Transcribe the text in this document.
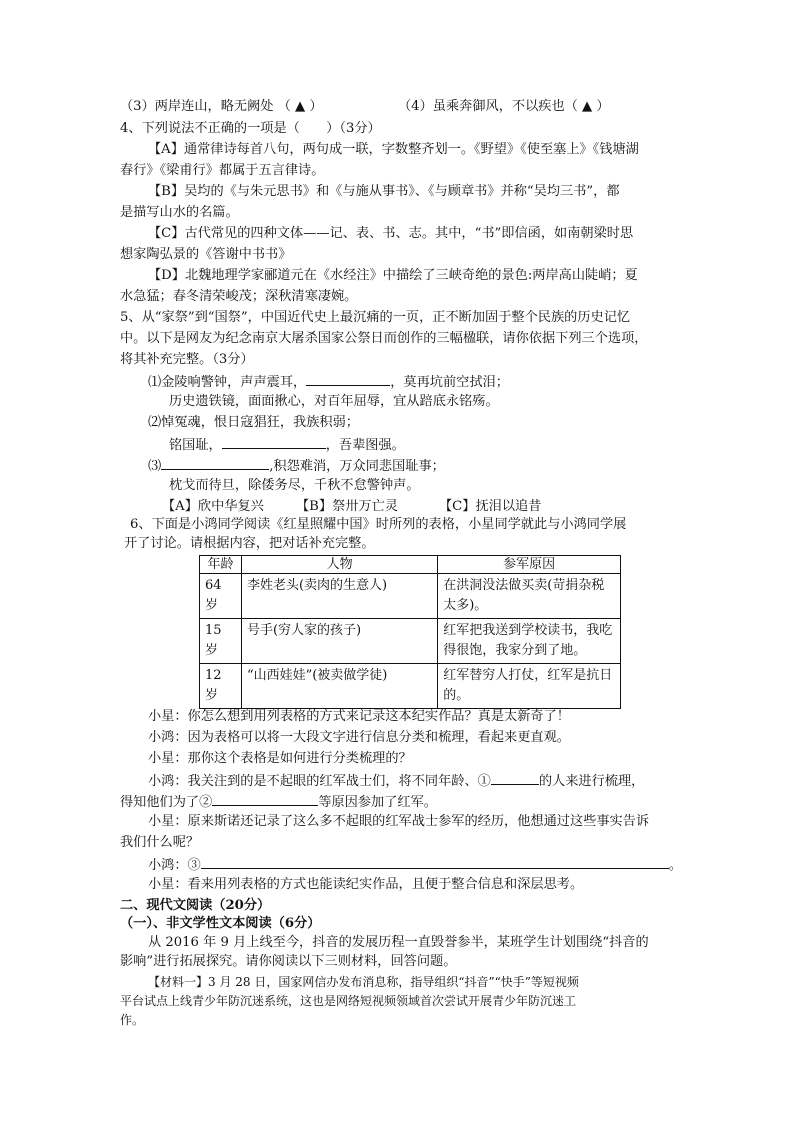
（3）两岸连山，略无阙处 （ ▲ ）	（4）虽乘奔御风，不以疾也（ ▲ ）
4、下列说法不正确的一项是（　　）（3分）
【A】通常律诗每首八句，两句成一联，字数整齐划一。《野望》《使至塞上》《钱塘湖
春行》《梁甫行》都属于五言律诗。
【B】吴均的《与朱元思书》和《与施从事书》、《与顾章书》并称“吴均三书”，都
是描写山水的名篇。
【C】古代常见的四种文体——记、表、书、志。其中，“书”即信函，如南朝梁时思
想家陶弘景的《答谢中书书》
【D】北魏地理学家郦道元在《水经注》中描绘了三峡奇绝的景色:两岸高山陡峭；夏
水急猛；春冬清荣峻茂；深秋清寒凄婉。
5、从“家祭”到“国祭”，中国近代史上最沉痛的一页，正不断加固于整个民族的历史记忆
中。以下是网友为纪念南京大屠杀国家公祭日而创作的三幅楹联，请你依据下列三个选项，
将其补充完整。（3分）
⑴金陵响警钟，声声震耳，	，莫再坑前空拭泪；
历史遗铁镜，面面揪心，对百年屈辱，宜从踣底永铭殇。
⑵悼冤魂，恨日寇猖狂，我族积弱；
铭国耻，	，吾辈图强。
⑶	,积怨难消，万众同悲国耻事；
枕戈而待旦，除倭务尽，千秋不怠警钟声。
【A】欣中华复兴 【B】祭卅万亡灵	【C】抚泪以追昔
6、下面是小鸿同学阅读《红星照耀中国》时所列的表格，小星同学就此与小鸿同学展
开了讨论。请根据内容，把对话补充完整。
年龄	人物	参军原因
64 岁	李姓老头(卖肉的生意人)	在洪洞没法做买卖(苛捐杂税太多)。
15 岁	号手(穷人家的孩子)	红军把我送到学校读书，我吃得很饱，我家分到了地。
12 岁	“山西娃娃”(被卖做学徒)	红军替穷人打仗，红军是抗日的。
小星：你怎么想到用列表格的方式来记录这本纪实作品？真是太新奇了！
小鸿：因为表格可以将一大段文字进行信息分类和梳理，看起来更直观。
小星：那你这个表格是如何进行分类梳理的？
小鸿：我关注到的是不起眼的红军战士们，将不同年龄、①	的人来进行梳理，
得知他们为了②	等原因参加了红军。
小星：原来斯诺还记录了这么多不起眼的红军战士参军的经历，他想通过这些事实告诉
我们什么呢？
小鸿：③	。
小星：看来用列表格的方式也能读纪实作品，且便于整合信息和深层思考。
二、现代文阅读（20分）
（一）、非文学性文本阅读（6分）
从 2016 年 9 月上线至今，抖音的发展历程一直毁誉参半，某班学生计划围绕“抖音的
影响”进行拓展探究。请你阅读以下三则材料，回答问题。
【材料一】3 月 28 日，国家网信办发布消息称，指导组织“抖音”“快手”等短视频
平台试点上线青少年防沉迷系统，这也是网络短视频领域首次尝试开展青少年防沉迷工
作。
